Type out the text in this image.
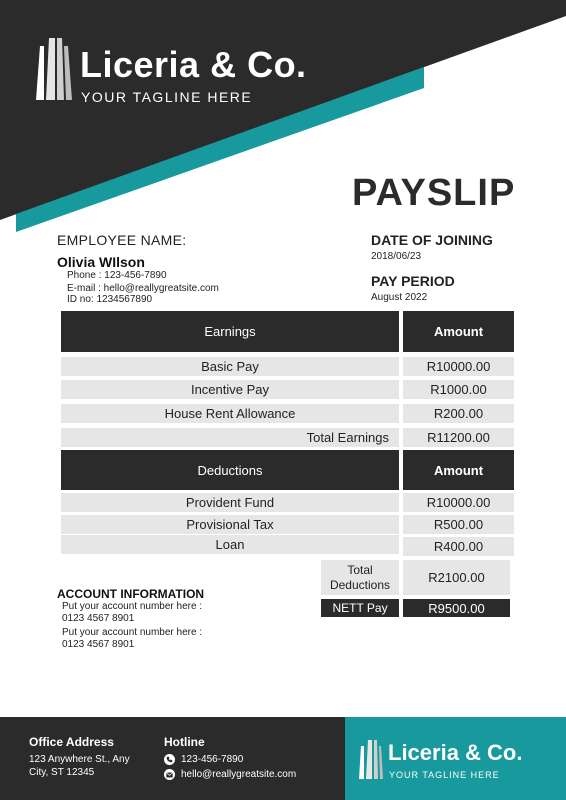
Liceria & Co.
YOUR TAGLINE HERE
PAYSLIP
EMPLOYEE NAME:
Olivia WIlson
Phone : 123-456-7890
E-mail : hello@reallygreatsite.com
ID no: 1234567890
DATE OF JOINING
2018/06/23
PAY PERIOD
August 2022
Earnings	Amount
Basic Pay	R10000.00
Incentive Pay	R1000.00
House Rent Allowance	R200.00
Total Earnings	R11200.00
Deductions	Amount
Provident Fund	R10000.00
Provisional Tax	R500.00
Loan	R400.00
Total
Deductions	R2100.00
NETT Pay	R9500.00
ACCOUNT INFORMATION
Put your account number here :
0123 4567 8901
Put your account number here :
0123 4567 8901
Office Address
123 Anywhere St., Any
City, ST 12345
Hotline
123-456-7890
hello@reallygreatsite.com
Liceria & Co.
YOUR TAGLINE HERE
